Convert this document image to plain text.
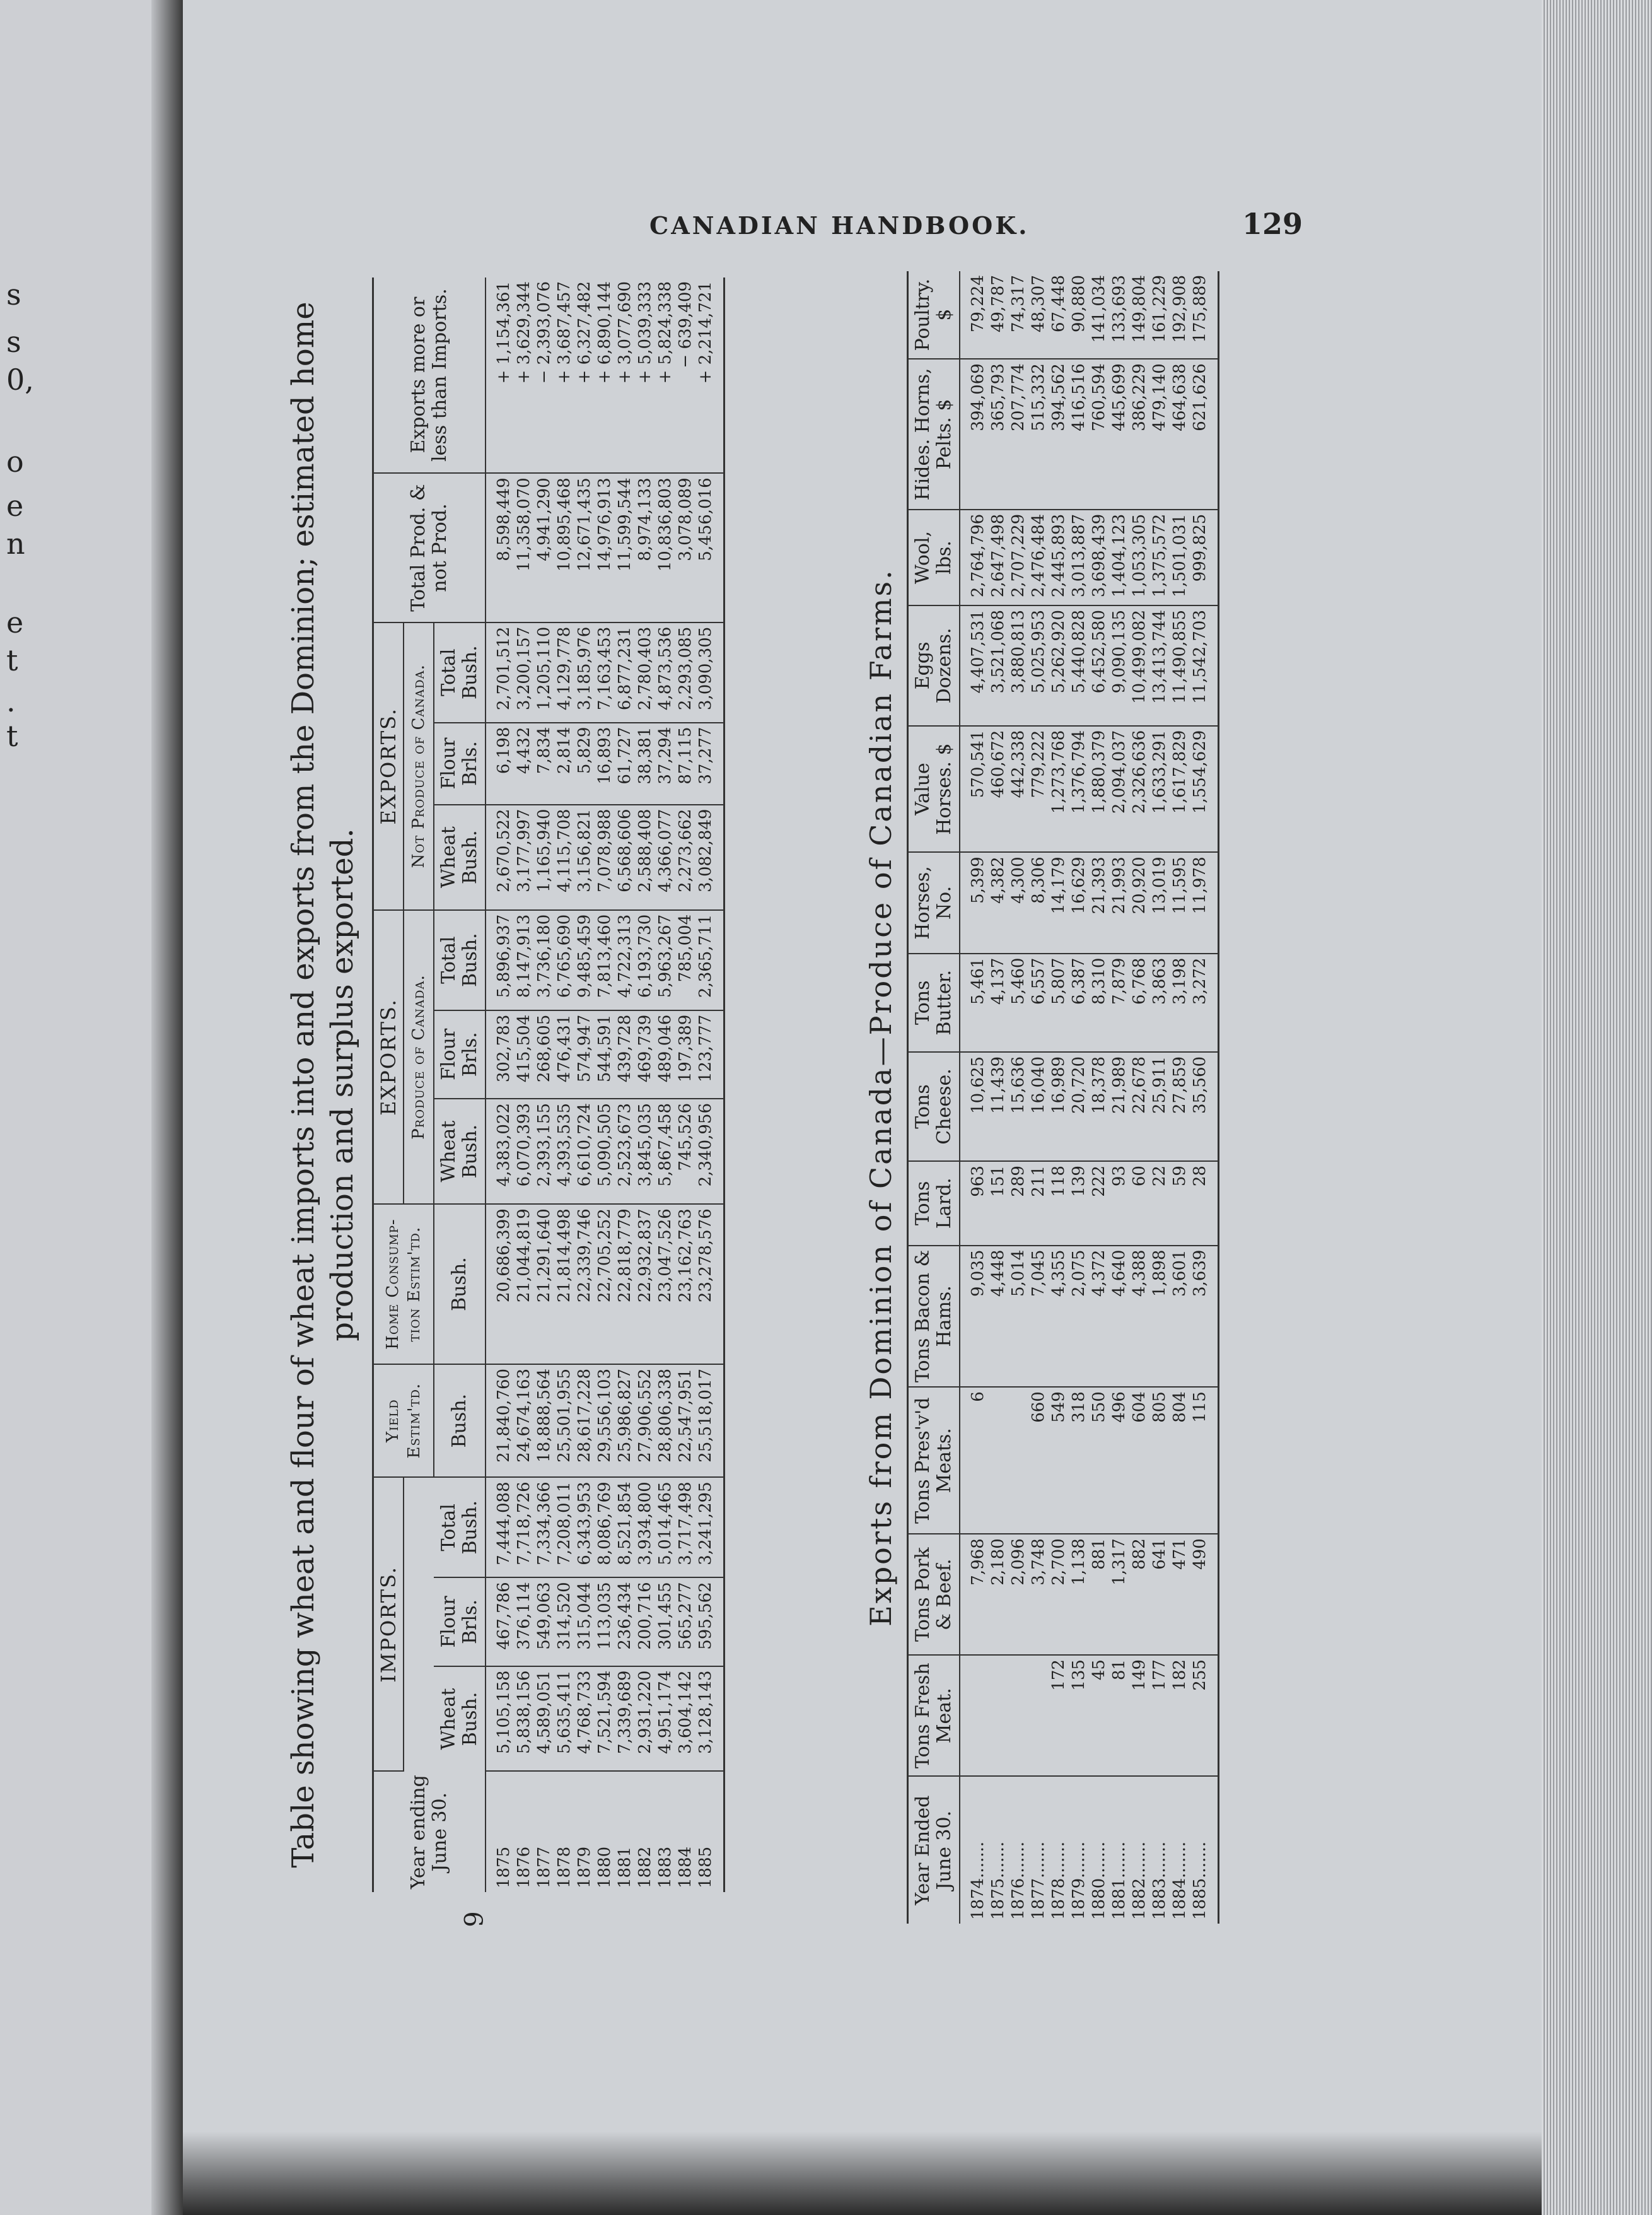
s
s
0,
o
e
n
e
t
.
t
CANADIAN HANDBOOK.	129
9
Table showing wheat and flour of wheat imports into and exports from the Dominion; estimated home production and surplus exported.
Year ending June 30.	IMPORTS.			Yield Estim'td.	Home Consump- tion Estim'td.	EXPORTS.			EXPORTS.			Total Prod. & not Prod.	Exports more or less than Imports.
						Produce of Canada.			Not Produce of Canada.				
	Wheat Bush.	Flour Brls.	Total Bush.	Bush.	Bush.	Wheat Bush.	Flour Brls.	Total Bush.	Wheat Bush.	Flour Brls.	Total Bush.		
1875	5,105,158	467,786	7,444,088	21,840,760	20,686,399	4,383,022	302,783	5,896,937	2,670,522	6,198	2,701,512	8,598,449	+ 1,154,361
1876	5,838,156	376,114	7,718,726	24,674,163	21,044,819	6,070,393	415,504	8,147,913	3,177,997	4,432	3,200,157	11,358,070	+ 3,629,344
1877	4,589,051	549,063	7,334,366	18,888,564	21,291,640	2,393,155	268,605	3,736,180	1,165,940	7,834	1,205,110	4,941,290	− 2,393,076
1878	5,635,411	314,520	7,208,011	25,501,955	21,814,498	4,393,535	476,431	6,765,690	4,115,708	2,814	4,129,778	10,895,468	+ 3,687,457
1879	4,768,733	315,044	6,343,953	28,617,228	22,339,746	6,610,724	574,947	9,485,459	3,156,821	5,829	3,185,976	12,671,435	+ 6,327,482
1880	7,521,594	113,035	8,086,769	29,556,103	22,705,252	5,090,505	544,591	7,813,460	7,078,988	16,893	7,163,453	14,976,913	+ 6,890,144
1881	7,339,689	236,434	8,521,854	25,986,827	22,818,779	2,523,673	439,728	4,722,313	6,568,606	61,727	6,877,231	11,599,544	+ 3,077,690
1882	2,931,220	200,716	3,934,800	27,906,552	22,932,837	3,845,035	469,739	6,193,730	2,588,408	38,381	2,780,403	8,974,133	+ 5,039,333
1883	4,951,174	301,455	5,014,465	28,806,338	23,047,526	5,867,458	489,046	5,963,267	4,366,077	37,294	4,873,536	10,836,803	+ 5,824,338
1884	3,604,142	565,277	3,717,498	22,547,951	23,162,763	745,526	197,389	785,004	2,273,662	87,115	2,293,085	3,078,089	− 639,409
1885	3,128,143	595,562	3,241,295	25,518,017	23,278,576	2,340,956	123,777	2,365,711	3,082,849	37,277	3,090,305	5,456,016	+ 2,214,721
Exports from Dominion of Canada—Produce of Canadian Farms.
Year Ended June 30.	Tons Fresh Meat.	Tons Pork & Beef.	Tons Pres'v'd Meats.	Tons Bacon & Hams.	Tons Lard.	Tons Cheese.	Tons Butter.	Horses, No.	Value Horses. $	Eggs Dozens.	Wool, lbs.	Hides. Horns, Pelts. $	Poultry. $
1874.......		7,968	6	9,035	963	10,625	5,461	5,399	570,541	4,407,531	2,764,796	394,069	79,224
1875.......		2,180		4,448	151	11,439	4,137	4,382	460,672	3,521,068	2,647,498	365,793	49,787
1876.......		2,096		5,014	289	15,636	5,460	4,300	442,338	3,880,813	2,707,229	207,774	74,317
1877.......		3,748	660	7,045	211	16,040	6,557	8,306	779,222	5,025,953	2,476,484	515,332	48,307
1878.......	172	2,700	549	4,355	118	16,989	5,807	14,179	1,273,768	5,262,920	2,445,893	394,562	67,448
1879.......	135	1,138	318	2,075	139	20,720	6,387	16,629	1,376,794	5,440,828	3,013,887	416,516	90,880
1880.......	45	881	550	4,372	222	18,378	8,310	21,393	1,880,379	6,452,580	3,698,439	760,594	141,034
1881.......	81	1,317	496	4,640	93	21,989	7,879	21,993	2,094,037	9,090,135	1,404,123	445,699	133,693
1882.......	149	882	604	4,388	60	22,678	6,768	20,920	2,326,636	10,499,082	1,053,305	386,229	149,804
1883.......	177	641	805	1,898	22	25,911	3,863	13,019	1,633,291	13,413,744	1,375,572	479,140	161,229
1884.......	182	471	804	3,601	59	27,859	3,198	11,595	1,617,829	11,490,855	1,501,031	464,638	192,908
1885.......	255	490	115	3,639	28	35,560	3,272	11,978	1,554,629	11,542,703	999,825	621,626	175,889
